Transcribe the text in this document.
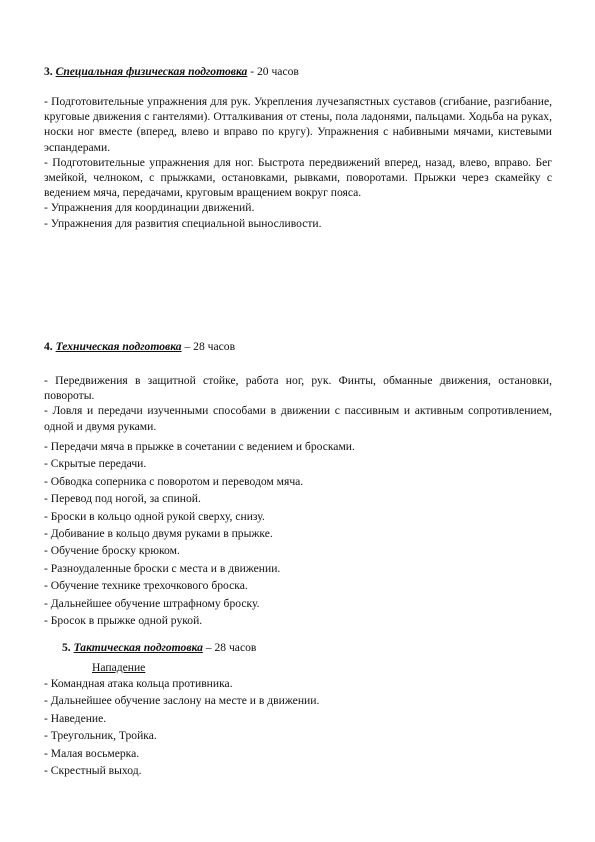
3. Специальная физическая подготовка - 20 часов

- Подготовительные упражнения для рук. Укрепления лучезапястных суставов (сгибание, разгибание, круговые движения с гантелями). Отталкивания от стены, пола ладонями, пальцами. Ходьба на руках, носки ног вместе (вперед, влево и вправо по кругу). Упражнения с набивными мячами, кистевыми эспандерами.

- Подготовительные упражнения для ног. Быстрота передвижений вперед, назад, влево, вправо. Бег змейкой, челноком, с прыжками, остановками, рывками, поворотами. Прыжки через скамейку с ведением мяча, передачами, круговым вращением вокруг пояса.

- Упражнения для координации движений.

- Упражнения для развития специальной выносливости.

4. Техническая подготовка – 28 часов

- Передвижения в защитной стойке, работа ног, рук. Финты, обманные движения, остановки, повороты.

- Ловля и передачи изученными способами в движении с пассивным и активным сопротивлением, одной и двумя руками.

- Передачи мяча в прыжке в сочетании с ведением и бросками.
- Скрытые передачи.
- Обводка соперника с поворотом и переводом мяча.
- Перевод под ногой, за спиной.
- Броски в кольцо одной рукой сверху, снизу.
- Добивание в кольцо двумя руками в прыжке.
- Обучение броску крюком.
- Разноудаленные броски с места и в движении.
- Обучение технике трехочкового броска.
- Дальнейшее обучение штрафному броску.
- Бросок в прыжке одной рукой.
5. Тактическая подготовка – 28 часов
Нападение
- Командная атака кольца противника.
- Дальнейшее обучение заслону на месте и в движении.
- Наведение.
- Треугольник, Тройка.
- Малая восьмерка.
- Скрестный выход.
